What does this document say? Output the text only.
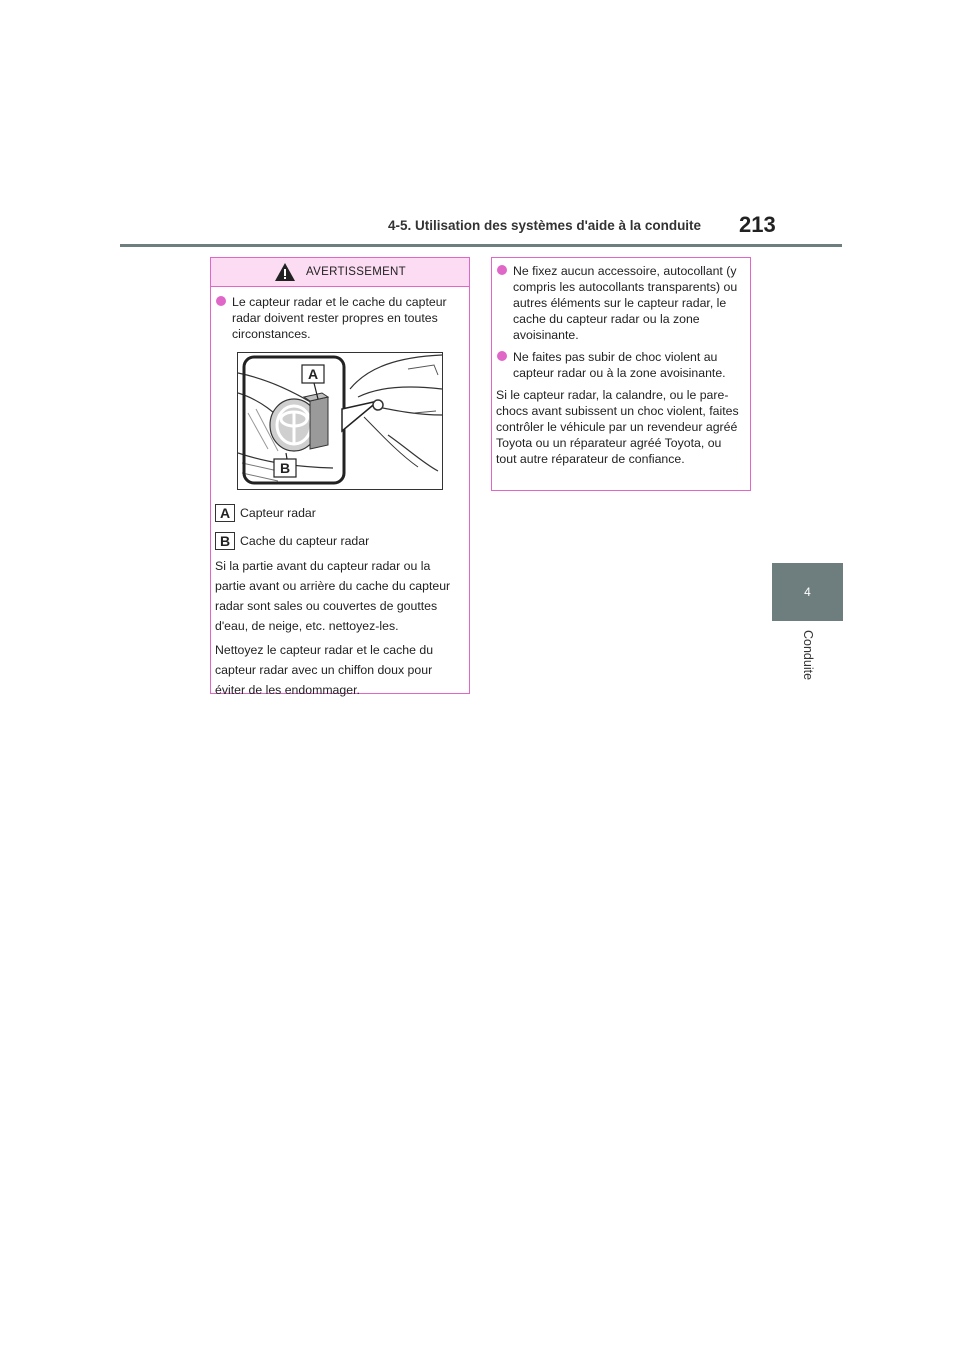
4-5. Utilisation des systèmes d'aide à la conduite 213
4
Conduite
AVERTISSEMENT
Le capteur radar et le cache du capteur radar doivent rester propres en toutes circonstances.
A
B
A Capteur radar
B Cache du capteur radar
Si la partie avant du capteur radar ou la partie avant ou arrière du cache du capteur radar sont sales ou couvertes de gouttes d'eau, de neige, etc. nettoyez-les.
Nettoyez le capteur radar et le cache du capteur radar avec un chiffon doux pour éviter de les endommager.
Ne fixez aucun accessoire, autocollant (y compris les autocollants transparents) ou autres éléments sur le capteur radar, le cache du capteur radar ou la zone avoisinante.
Ne faites pas subir de choc violent au capteur radar ou à la zone avoisinante.
Si le capteur radar, la calandre, ou le pare-chocs avant subissent un choc violent, faites contrôler le véhicule par un revendeur agréé Toyota ou un réparateur agréé Toyota, ou tout autre réparateur de confiance.
